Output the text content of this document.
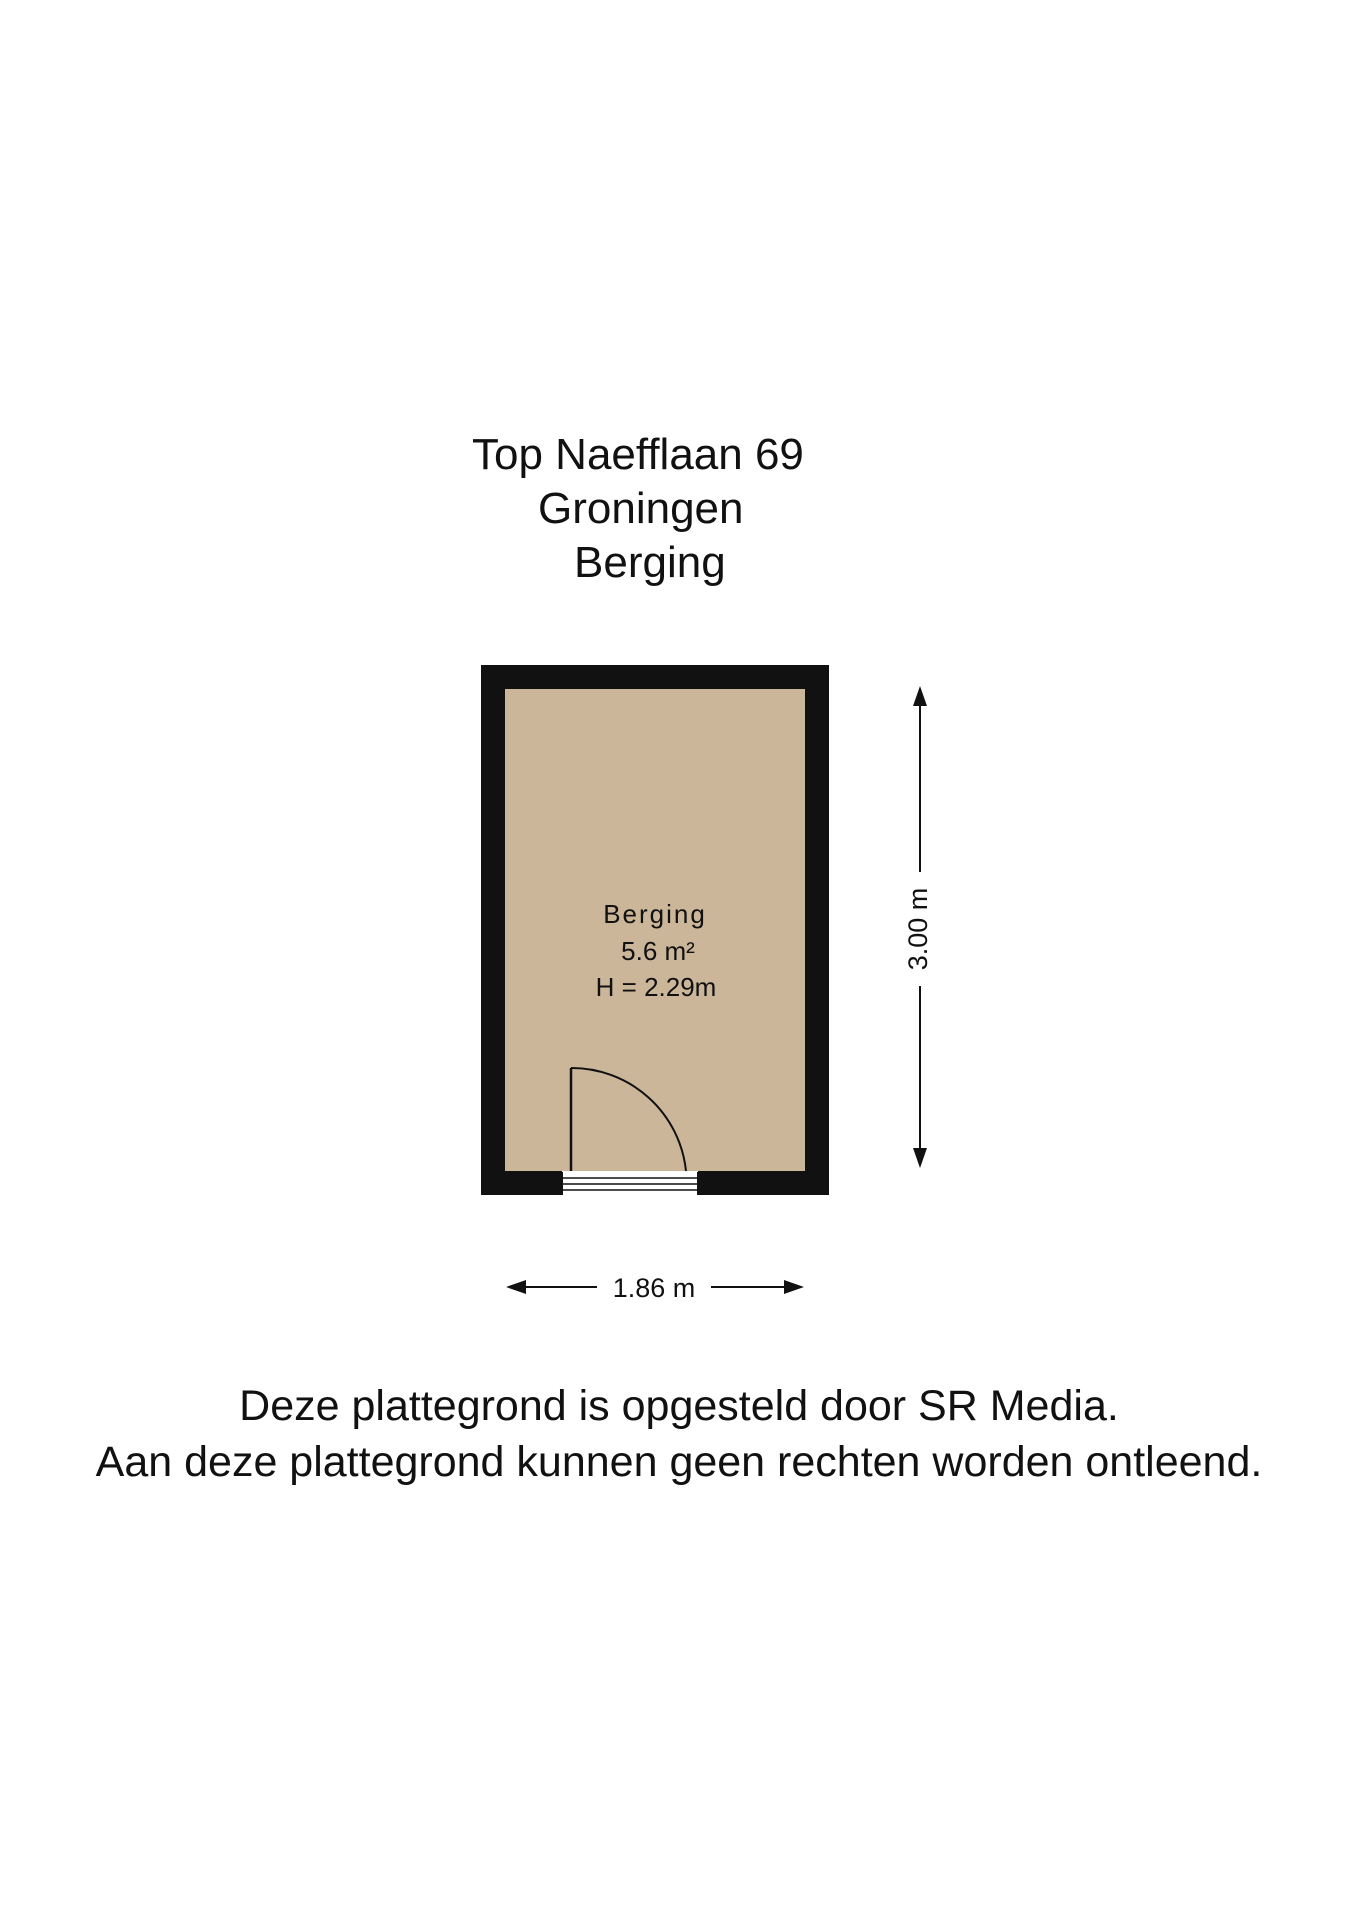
Top Naefflaan 69
Groningen
Berging
Berging
5.6 m²
H = 2.29m
3.00 m
1.86 m
Deze plattegrond is opgesteld door SR Media.
Aan deze plattegrond kunnen geen rechten worden ontleend.
